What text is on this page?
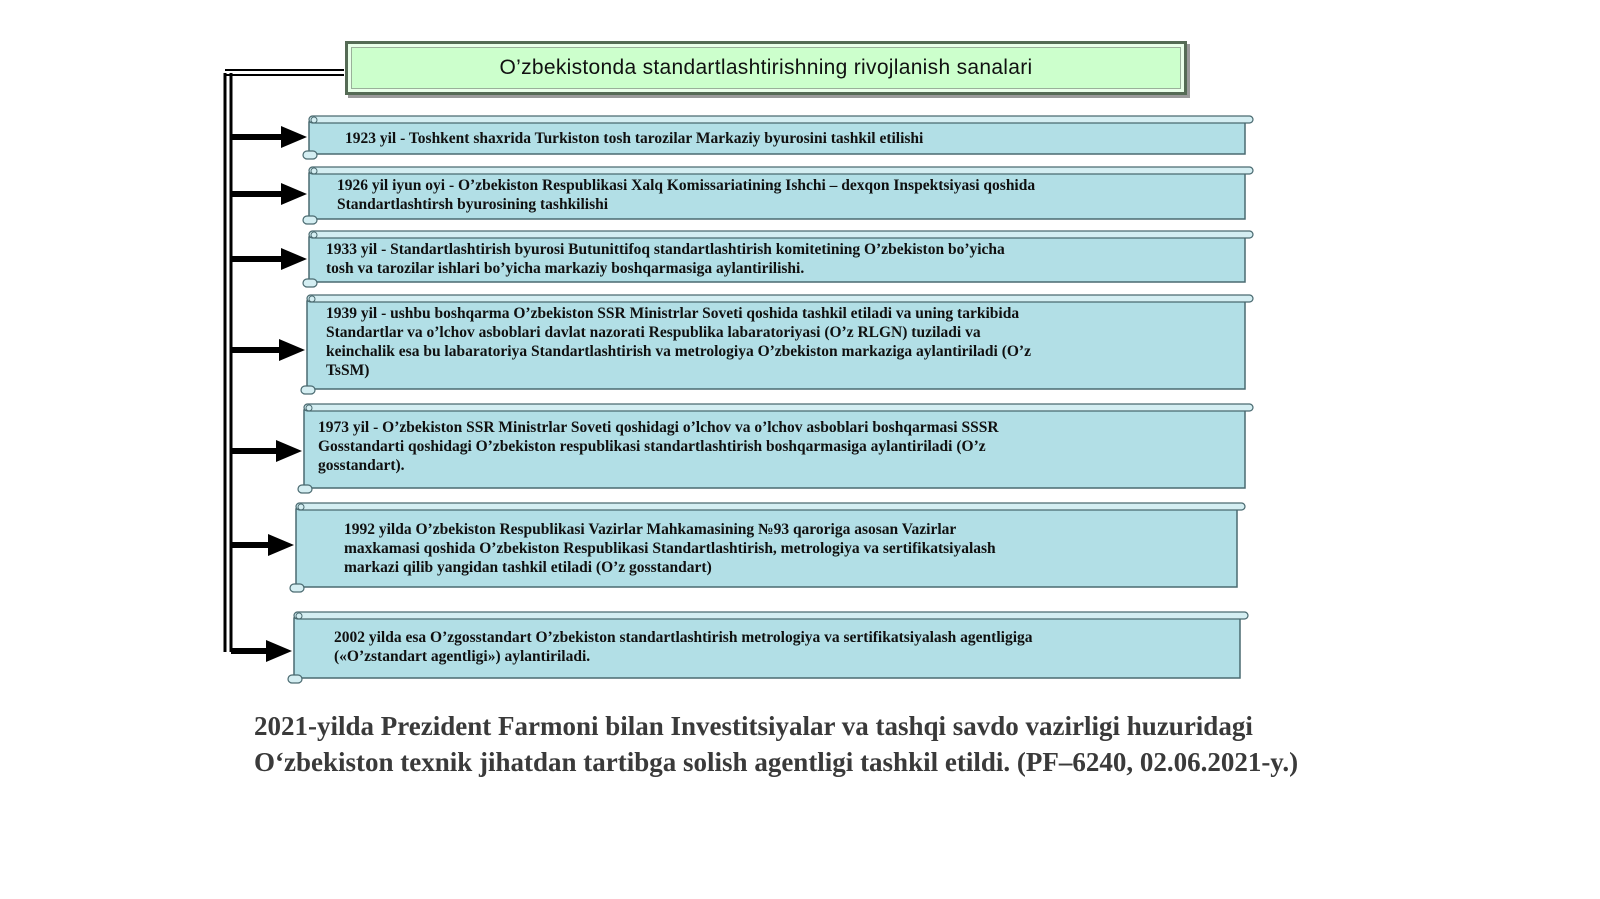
O’zbekistonda standartlashtirishning rivojlanish sanalari
1923 yil - Toshkent shaxrida Turkiston tosh tarozilar Markaziy byurosini tashkil etilishi
1926 yil iyun oyi - O’zbekiston Respublikasi Xalq Komissariatining Ishchi – dexqon Inspektsiyasi qoshida
Standartlashtirsh byurosining tashkilishi
1933 yil - Standartlashtirish byurosi Butunittifoq standartlashtirish komitetining O’zbekiston bo’yicha
tosh va tarozilar ishlari bo’yicha markaziy boshqarmasiga aylantirilishi.
1939 yil - ushbu boshqarma O’zbekiston SSR Ministrlar Soveti qoshida tashkil etiladi va uning tarkibida
Standartlar va o’lchov asboblari davlat nazorati Respublika labaratoriyasi (O’z RLGN) tuziladi va
keinchalik esa bu labaratoriya Standartlashtirish va metrologiya O’zbekiston markaziga aylantiriladi (O’z
TsSM)
1973 yil - O’zbekiston SSR Ministrlar Soveti qoshidagi o’lchov va o’lchov asboblari boshqarmasi SSSR
Gosstandarti qoshidagi O’zbekiston respublikasi standartlashtirish boshqarmasiga aylantiriladi (O’z
gosstandart).
1992 yilda O’zbekiston Respublikasi Vazirlar Mahkamasining №93 qaroriga asosan Vazirlar
maxkamasi qoshida O’zbekiston Respublikasi Standartlashtirish, metrologiya va sertifikatsiyalash
markazi qilib yangidan tashkil etiladi (O’z gosstandart)
2002 yilda esa O’zgosstandart O’zbekiston standartlashtirish metrologiya va sertifikatsiyalash agentligiga
(«O’zstandart agentligi») aylantiriladi.
2021-yilda Prezident Farmoni bilan Investitsiyalar va tashqi savdo vazirligi huzuridagi O‘zbekiston texnik jihatdan tartibga solish agentligi tashkil etildi. (PF–6240, 02.06.2021-y.)
